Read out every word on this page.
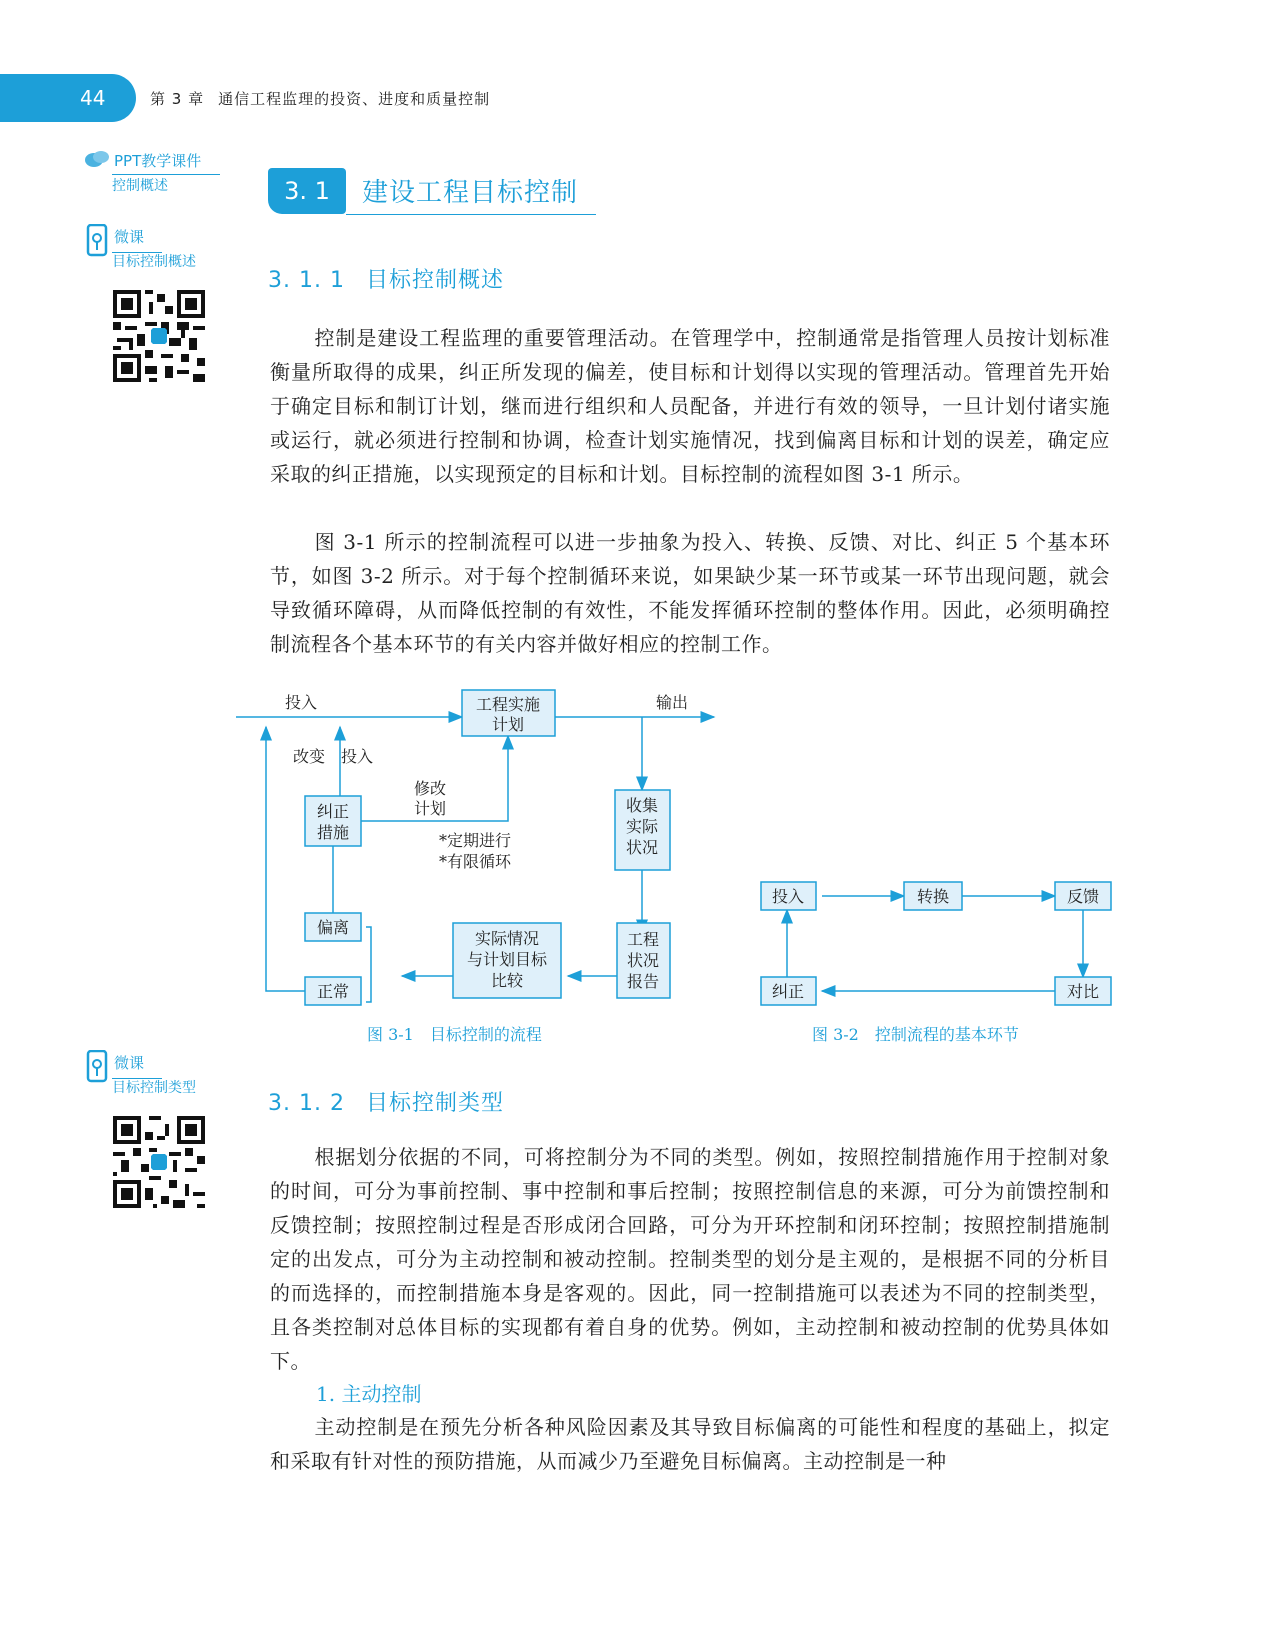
44	第 3 章 通信工程监理的投资、进度和质量控制
PPT教学课件
控制概述
微课
目标控制概述
微课
目标控制类型
3. 1	建设工程目标控制
3. 1. 1 目标控制概述

控制是建设工程监理的重要管理活动。在管理学中，控制通常是指管理人员按计划标准衡量所取得的成果，纠正所发现的偏差，使目标和计划得以实现的管理活动。管理首先开始于确定目标和制订计划，继而进行组织和人员配备，并进行有效的领导，一旦计划付诸实施或运行，就必须进行控制和协调，检查计划实施情况，找到偏离目标和计划的误差，确定应采取的纠正措施，以实现预定的目标和计划。目标控制的流程如图 3-1 所示。

图 3-1 所示的控制流程可以进一步抽象为投入、转换、反馈、对比、纠正 5 个基本环节，如图 3-2 所示。对于每个控制循环来说，如果缺少某一环节或某一环节出现问题，就会导致循环障碍，从而降低控制的有效性，不能发挥循环控制的整体作用。因此，必须明确控制流程各个基本环节的有关内容并做好相应的控制工作。

工程实施
计划
投入	输出
改变 投入
修改
计划
纠正
措施
收集
实际
状况
*定期进行
*有限循环
偏离
实际情况
与计划目标
比较
工程
状况
报告
正常
图 3-1　目标控制的流程
投入	转换	反馈
对比
纠正
图 3-2　控制流程的基本环节
3. 1. 2 目标控制类型

根据划分依据的不同，可将控制分为不同的类型。例如，按照控制措施作用于控制对象的时间，可分为事前控制、事中控制和事后控制；按照控制信息的来源，可分为前馈控制和反馈控制；按照控制过程是否形成闭合回路，可分为开环控制和闭环控制；按照控制措施制定的出发点，可分为主动控制和被动控制。控制类型的划分是主观的，是根据不同的分析目的而选择的，而控制措施本身是客观的。因此，同一控制措施可以表述为不同的控制类型，且各类控制对总体目标的实现都有着自身的优势。例如，主动控制和被动控制的优势具体如下。

1. 主动控制

主动控制是在预先分析各种风险因素及其导致目标偏离的可能性和程度的基础上，拟定和采取有针对性的预防措施，从而减少乃至避免目标偏离。主动控制是一种
